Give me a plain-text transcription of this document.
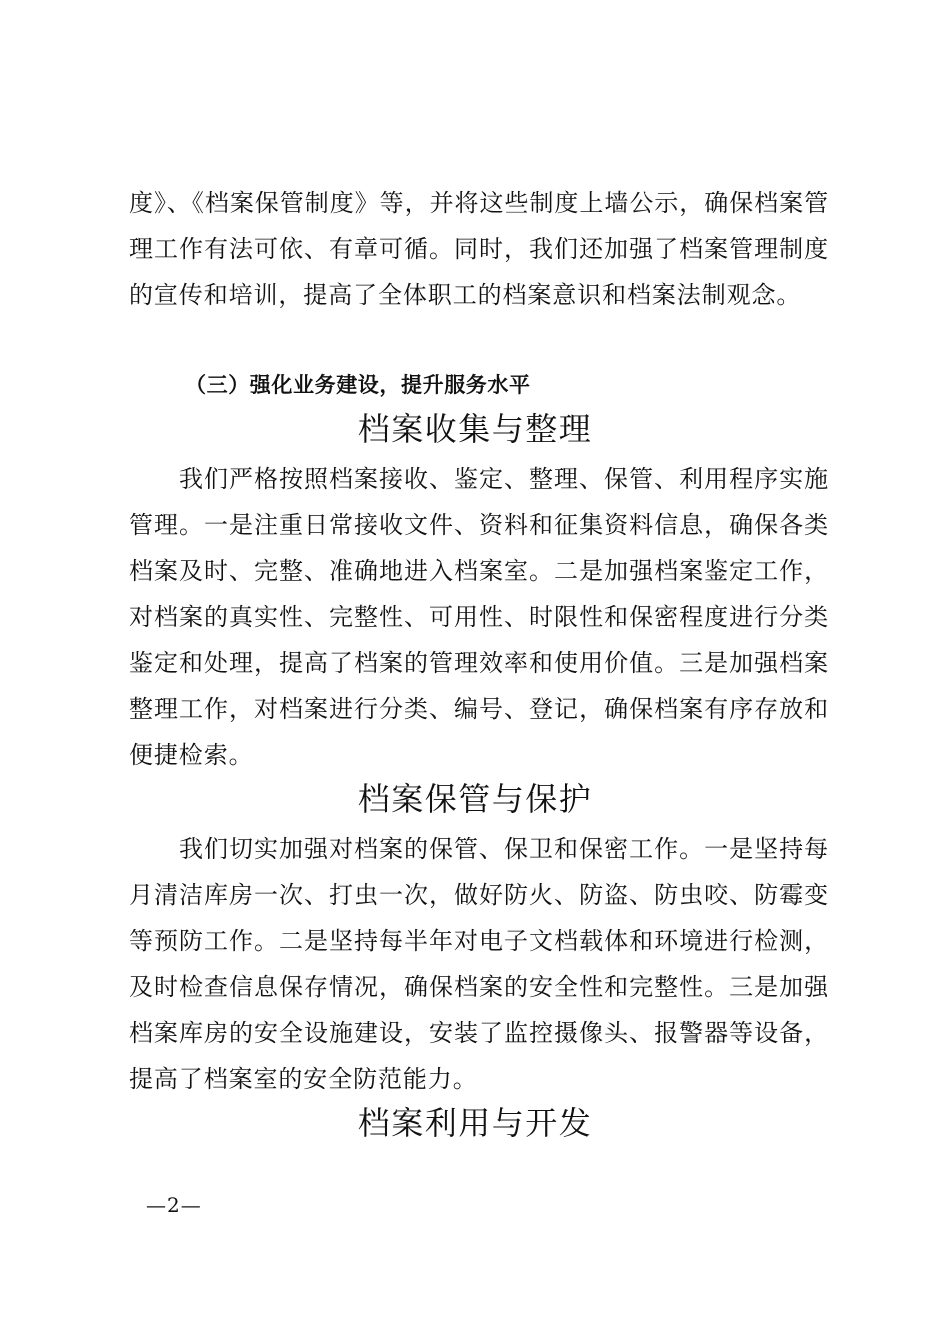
度》、《档案保管制度》等，并将这些制度上墙公示，确保档案管理工作有法可依、有章可循。同时，我们还加强了档案管理制度的宣传和培训，提高了全体职工的档案意识和档案法制观念。

（三）强化业务建设，提升服务水平

档案收集与整理

我们严格按照档案接收、鉴定、整理、保管、利用程序实施管理。一是注重日常接收文件、资料和征集资料信息，确保各类档案及时、完整、准确地进入档案室。二是加强档案鉴定工作，对档案的真实性、完整性、可用性、时限性和保密程度进行分类鉴定和处理，提高了档案的管理效率和使用价值。三是加强档案整理工作，对档案进行分类、编号、登记，确保档案有序存放和便捷检索。

档案保管与保护

我们切实加强对档案的保管、保卫和保密工作。一是坚持每月清洁库房一次、打虫一次，做好防火、防盗、防虫咬、防霉变等预防工作。二是坚持每半年对电子文档载体和环境进行检测，及时检查信息保存情况，确保档案的安全性和完整性。三是加强档案库房的安全设施建设，安装了监控摄像头、报警器等设备，提高了档案室的安全防范能力。

档案利用与开发
—2—
